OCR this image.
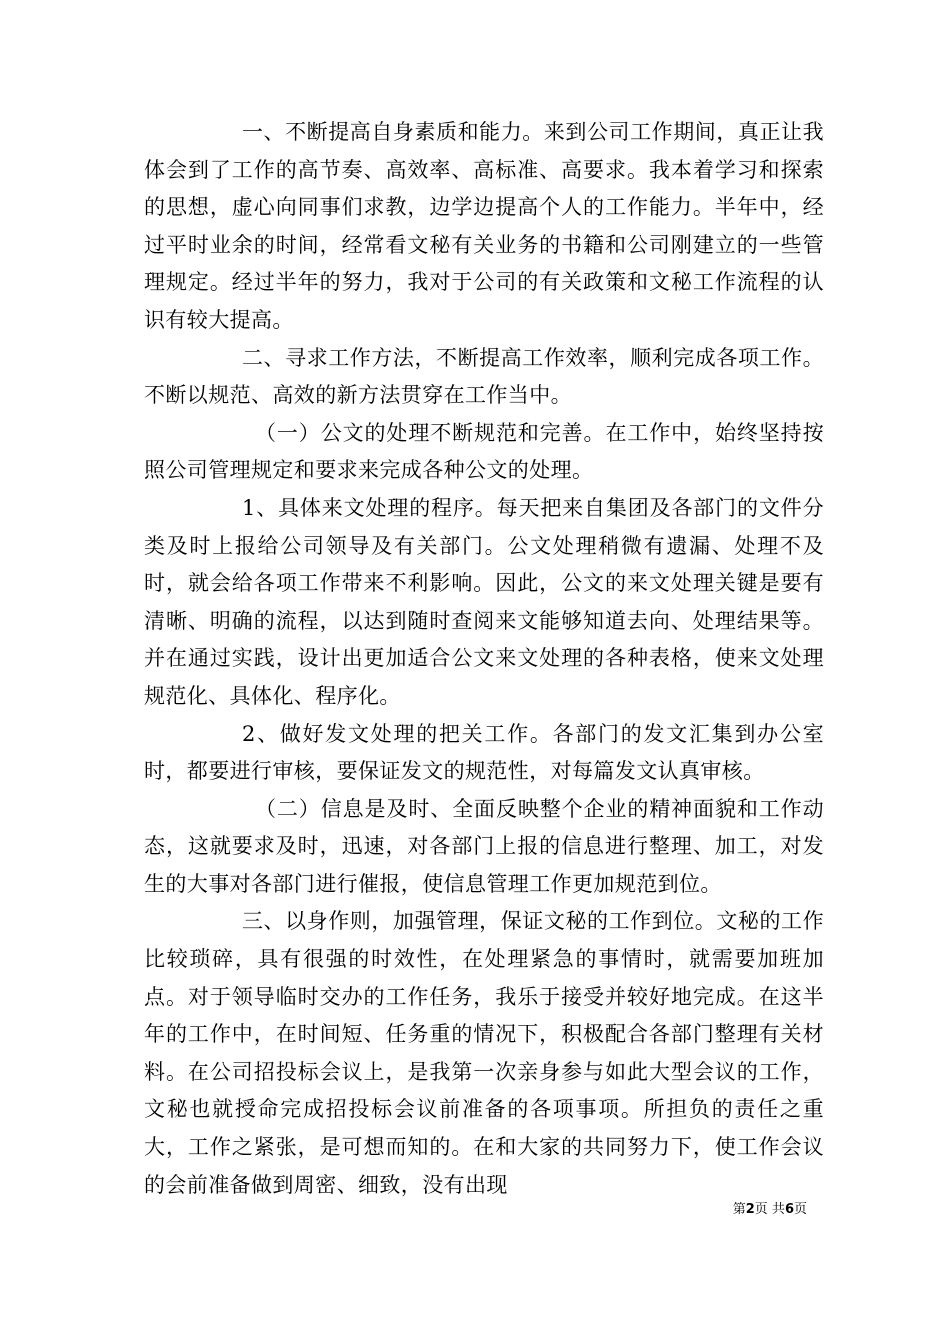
一、不断提高自身素质和能力。来到公司工作期间，真正让我体会到了工作的高节奏、高效率、高标准、高要求。我本着学习和探索的思想，虚心向同事们求教，边学边提高个人的工作能力。半年中，经过平时业余的时间，经常看文秘有关业务的书籍和公司刚建立的一些管理规定。经过半年的努力，我对于公司的有关政策和文秘工作流程的认识有较大提高。

二、寻求工作方法，不断提高工作效率，顺利完成各项工作。不断以规范、高效的新方法贯穿在工作当中。

（一）公文的处理不断规范和完善。在工作中，始终坚持按照公司管理规定和要求来完成各种公文的处理。

1、具体来文处理的程序。每天把来自集团及各部门的文件分类及时上报给公司领导及有关部门。公文处理稍微有遗漏、处理不及时，就会给各项工作带来不利影响。因此，公文的来文处理关键是要有清晰、明确的流程，以达到随时查阅来文能够知道去向、处理结果等。并在通过实践，设计出更加适合公文来文处理的各种表格，使来文处理规范化、具体化、程序化。

2、做好发文处理的把关工作。各部门的发文汇集到办公室时，都要进行审核，要保证发文的规范性，对每篇发文认真审核。

（二）信息是及时、全面反映整个企业的精神面貌和工作动态，这就要求及时，迅速，对各部门上报的信息进行整理、加工，对发生的大事对各部门进行催报，使信息管理工作更加规范到位。

三、以身作则，加强管理，保证文秘的工作到位。文秘的工作比较琐碎，具有很强的时效性，在处理紧急的事情时，就需要加班加点。对于领导临时交办的工作任务，我乐于接受并较好地完成。在这半年的工作中，在时间短、任务重的情况下，积极配合各部门整理有关材料。在公司招投标会议上，是我第一次亲身参与如此大型会议的工作，文秘也就授命完成招投标会议前准备的各项事项。所担负的责任之重大，工作之紧张，是可想而知的。在和大家的共同努力下，使工作会议的会前准备做到周密、细致，没有出现

第2页 共6页
